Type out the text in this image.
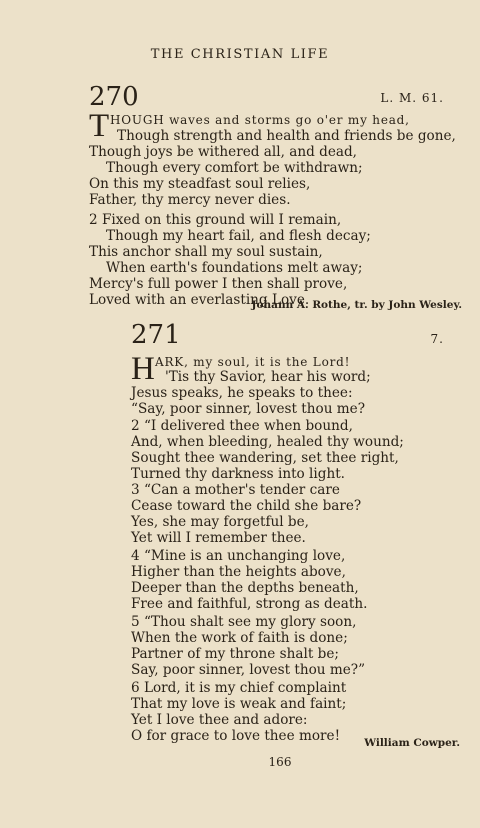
THE CHRISTIAN LIFE
270	L. M. 61.
T HOUGH waves and storms go o'er my head,
Though strength and health and friends be gone,
Though joys be withered all, and dead,
Though every comfort be withdrawn;
On this my steadfast soul relies,
Father, thy mercy never dies.
2 Fixed on this ground will I remain,
Though my heart fail, and flesh decay;
This anchor shall my soul sustain,
When earth's foundations melt away;
Mercy's full power I then shall prove,
Loved with an everlasting Love.
Johann A. Rothe, tr. by John Wesley.
271	7.
H ARK, my soul, it is the Lord!
'Tis thy Savior, hear his word;
Jesus speaks, he speaks to thee:
“Say, poor sinner, lovest thou me?
2 “I delivered thee when bound,
And, when bleeding, healed thy wound;
Sought thee wandering, set thee right,
Turned thy darkness into light.
3 “Can a mother's tender care
Cease toward the child she bare?
Yes, she may forgetful be,
Yet will I remember thee.
4 “Mine is an unchanging love,
Higher than the heights above,
Deeper than the depths beneath,
Free and faithful, strong as death.
5 “Thou shalt see my glory soon,
When the work of faith is done;
Partner of my throne shalt be;
Say, poor sinner, lovest thou me?”
6 Lord, it is my chief complaint
That my love is weak and faint;
Yet I love thee and adore:
O for grace to love thee more! William Cowper.
166
